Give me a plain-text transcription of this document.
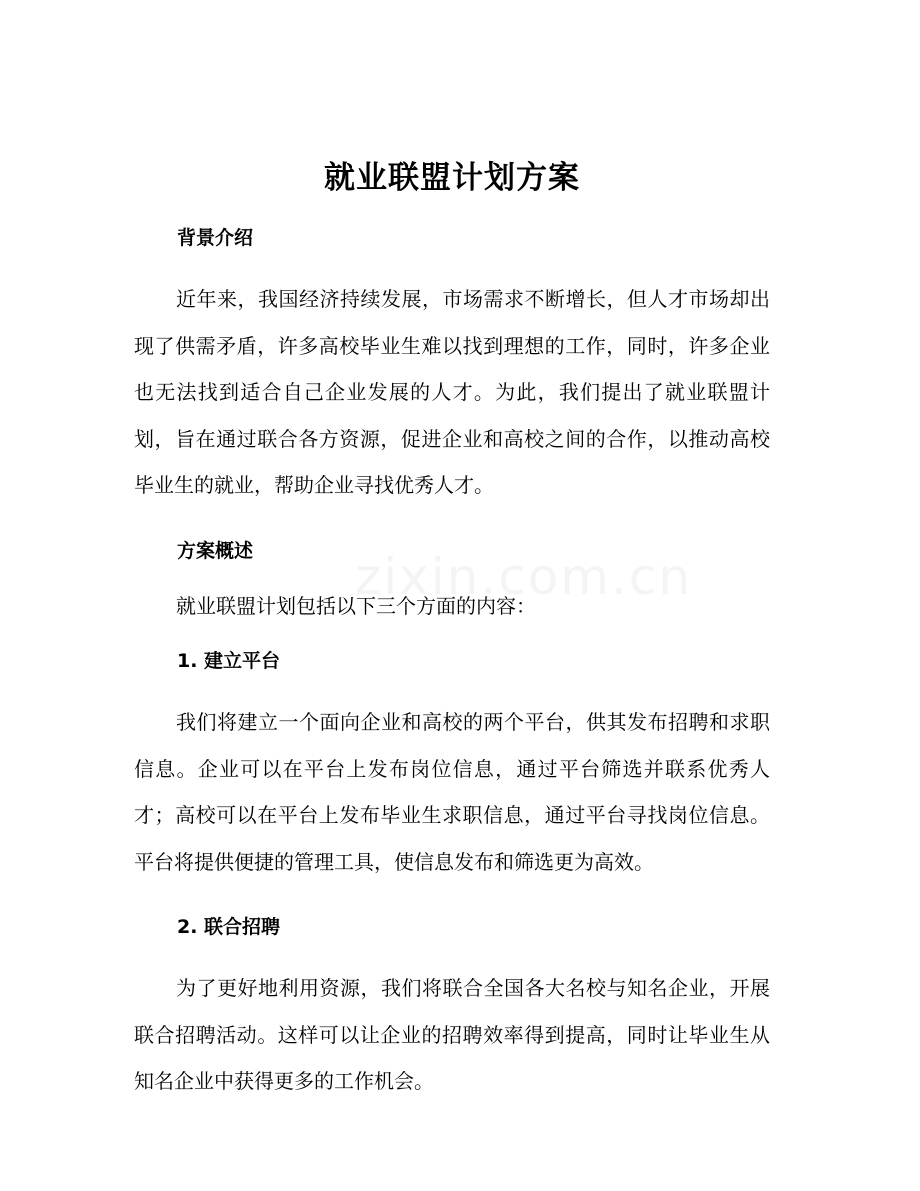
zixin.com.cn
就业联盟计划方案
背景介绍

近年来，我国经济持续发展，市场需求不断增长，但人才市场却出现了供需矛盾，许多高校毕业生难以找到理想的工作，同时，许多企业也无法找到适合自己企业发展的人才。为此，我们提出了就业联盟计划，旨在通过联合各方资源，促进企业和高校之间的合作，以推动高校毕业生的就业，帮助企业寻找优秀人才。

方案概述

就业联盟计划包括以下三个方面的内容：

1. 建立平台

我们将建立一个面向企业和高校的两个平台，供其发布招聘和求职信息。企业可以在平台上发布岗位信息，通过平台筛选并联系优秀人才；高校可以在平台上发布毕业生求职信息，通过平台寻找岗位信息。平台将提供便捷的管理工具，使信息发布和筛选更为高效。

2. 联合招聘

为了更好地利用资源，我们将联合全国各大名校与知名企业，开展联合招聘活动。这样可以让企业的招聘效率得到提高，同时让毕业生从知名企业中获得更多的工作机会。
